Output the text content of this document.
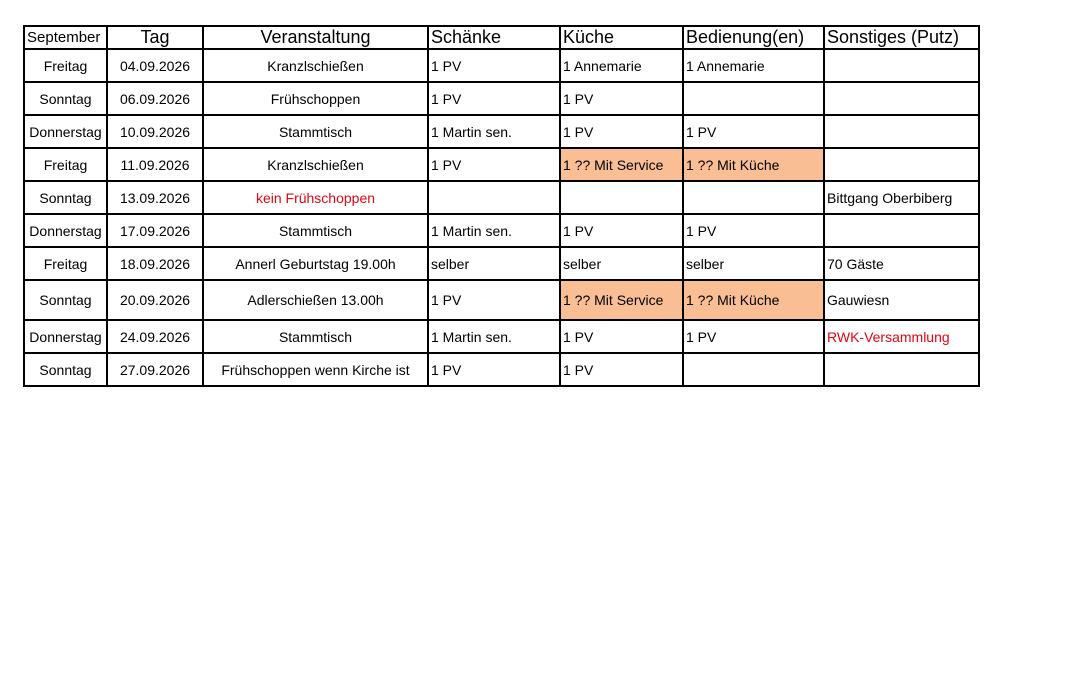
September	Tag	Veranstaltung	Schänke	Küche	Bedienung(en)	Sonstiges (Putz)
Freitag	04.09.2026	Kranzlschießen	1 PV	1 Annemarie	1 Annemarie	
Sonntag	06.09.2026	Frühschoppen	1 PV	1 PV		
Donnerstag	10.09.2026	Stammtisch	1 Martin sen.	1 PV	1 PV	
Freitag	11.09.2026	Kranzlschießen	1 PV	1 ?? Mit Service	1 ?? Mit Küche	
Sonntag	13.09.2026	kein Frühschoppen				Bittgang Oberbiberg
Donnerstag	17.09.2026	Stammtisch	1 Martin sen.	1 PV	1 PV	
Freitag	18.09.2026	Annerl Geburtstag 19.00h	selber	selber	selber	70 Gäste
Sonntag	20.09.2026	Adlerschießen 13.00h	1 PV	1 ?? Mit Service	1 ?? Mit Küche	Gauwiesn
Donnerstag	24.09.2026	Stammtisch	1 Martin sen.	1 PV	1 PV	RWK-Versammlung
Sonntag	27.09.2026	Frühschoppen wenn Kirche ist	1 PV	1 PV		
